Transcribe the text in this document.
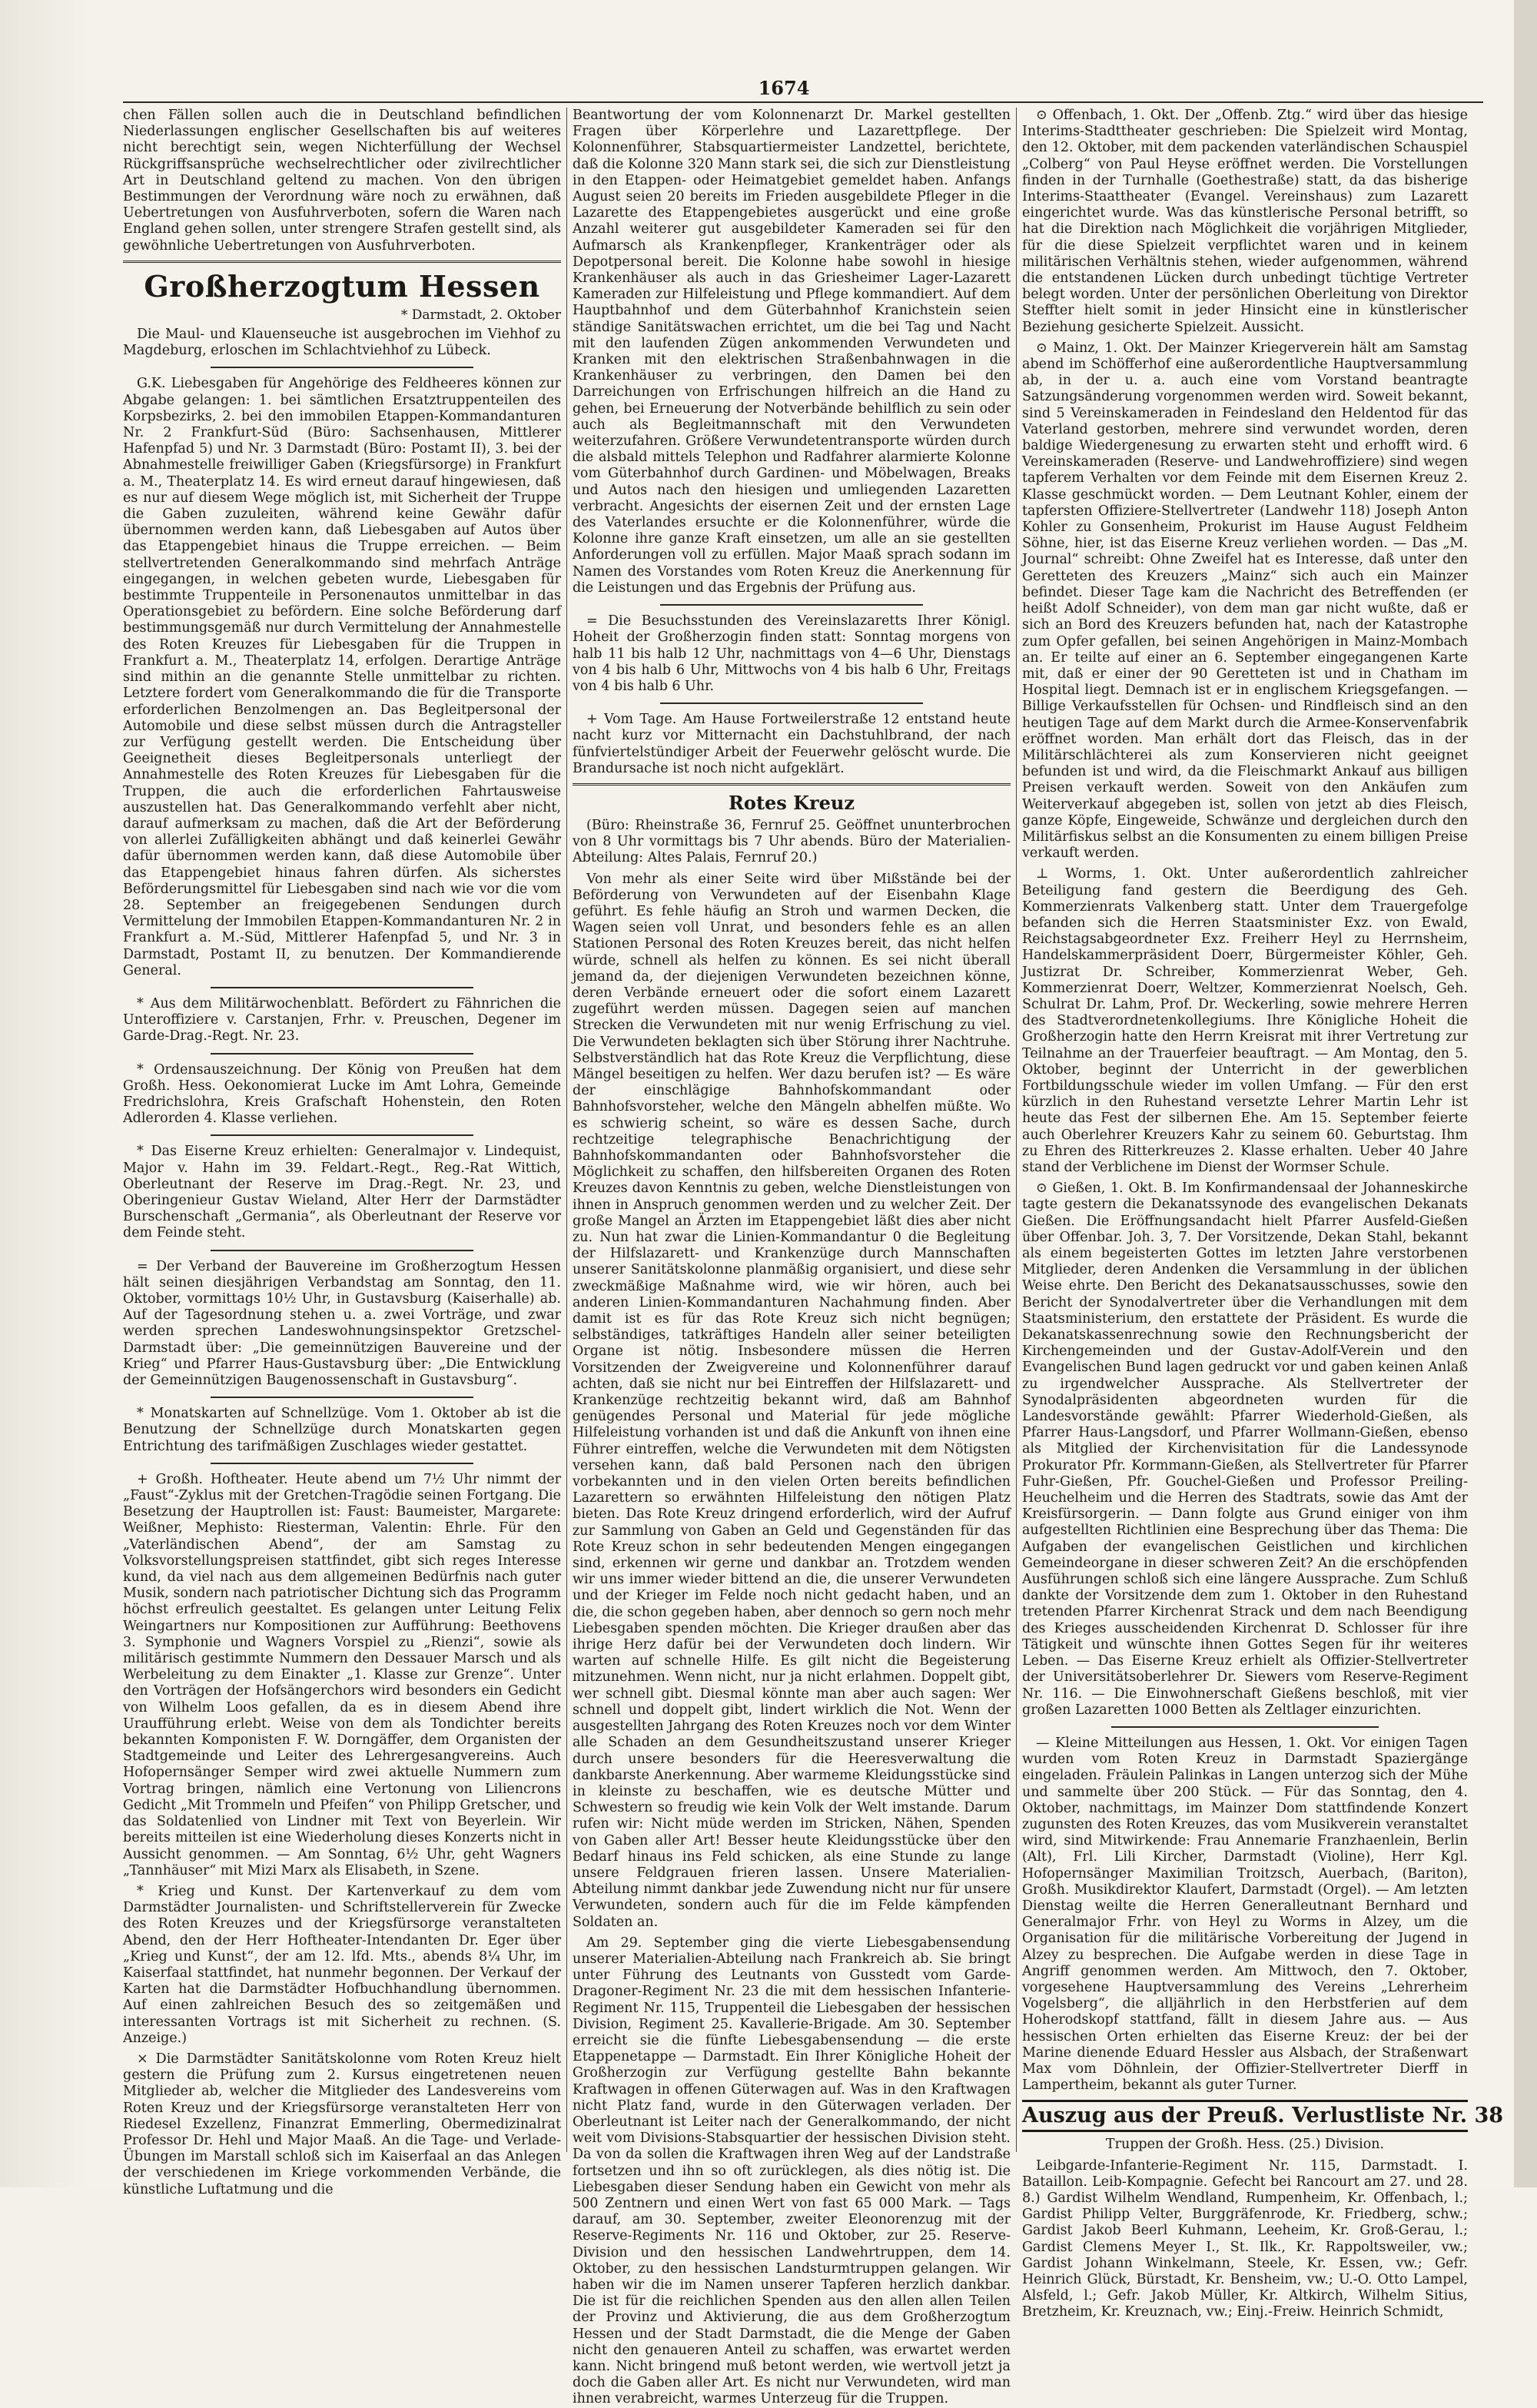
1674

chen Fällen sollen auch die in Deutschland befindlichen Niederlassungen englischer Gesellschaften bis auf weiteres nicht berechtigt sein, wegen Nichterfüllung der Wechsel Rückgriffsansprüche wechselrechtlicher oder zivilrechtlicher Art in Deutschland geltend zu machen. Von den übrigen Bestimmungen der Verordnung wäre noch zu erwähnen, daß Uebertretungen von Ausfuhrverboten, sofern die Waren nach England gehen sollen, unter strengere Strafen gestellt sind, als gewöhnliche Uebertretungen von Ausfuhrverboten.

Großherzogtum Hessen
* Darmstadt, 2. Oktober

Die Maul- und Klauenseuche ist ausgebrochen im Viehhof zu Magdeburg, erloschen im Schlachtviehhof zu Lübeck.

G.K. Liebesgaben für Angehörige des Feldheeres können zur Abgabe gelangen: 1. bei sämtlichen Ersatztruppenteilen des Korpsbezirks, 2. bei den immobilen Etappen-Kommandanturen Nr. 2 Frankfurt-Süd (Büro: Sachsenhausen, Mittlerer Hafenpfad 5) und Nr. 3 Darmstadt (Büro: Postamt II), 3. bei der Abnahmestelle freiwilliger Gaben (Kriegsfürsorge) in Frankfurt a. M., Theaterplatz 14. Es wird erneut darauf hingewiesen, daß es nur auf diesem Wege möglich ist, mit Sicherheit der Truppe die Gaben zuzuleiten, während keine Gewähr dafür übernommen werden kann, daß Liebesgaben auf Autos über das Etappengebiet hinaus die Truppe erreichen. — Beim stellvertretenden Generalkommando sind mehrfach Anträge eingegangen, in welchen gebeten wurde, Liebesgaben für bestimmte Truppenteile in Personenautos unmittelbar in das Operationsgebiet zu befördern. Eine solche Beförderung darf bestimmungsgemäß nur durch Vermittelung der Annahmestelle des Roten Kreuzes für Liebesgaben für die Truppen in Frankfurt a. M., Theaterplatz 14, erfolgen. Derartige Anträge sind mithin an die genannte Stelle unmittelbar zu richten. Letztere fordert vom Generalkommando die für die Transporte erforderlichen Benzolmengen an. Das Begleitpersonal der Automobile und diese selbst müssen durch die Antragsteller zur Verfügung gestellt werden. Die Entscheidung über Geeignetheit dieses Begleitpersonals unterliegt der Annahmestelle des Roten Kreuzes für Liebesgaben für die Truppen, die auch die erforderlichen Fahrtausweise auszustellen hat. Das Generalkommando verfehlt aber nicht, darauf aufmerksam zu machen, daß die Art der Beförderung von allerlei Zufälligkeiten abhängt und daß keinerlei Gewähr dafür übernommen werden kann, daß diese Automobile über das Etappengebiet hinaus fahren dürfen. Als sicherstes Beförderungsmittel für Liebesgaben sind nach wie vor die vom 28. September an freigegebenen Sendungen durch Vermittelung der Immobilen Etappen-Kommandanturen Nr. 2 in Frankfurt a. M.-Süd, Mittlerer Hafenpfad 5, und Nr. 3 in Darmstadt, Postamt II, zu benutzen. Der Kommandierende General.

* Aus dem Militärwochenblatt. Befördert zu Fähnrichen die Unteroffiziere v. Carstanjen, Frhr. v. Preuschen, Degener im Garde-Drag.-Regt. Nr. 23.

* Ordensauszeichnung. Der König von Preußen hat dem Großh. Hess. Oekonomierat Lucke im Amt Lohra, Gemeinde Fredrichslohra, Kreis Grafschaft Hohenstein, den Roten Adlerorden 4. Klasse verliehen.

* Das Eiserne Kreuz erhielten: Generalmajor v. Lindequist, Major v. Hahn im 39. Feldart.-Regt., Reg.-Rat Wittich, Oberleutnant der Reserve im Drag.-Regt. Nr. 23, und Oberingenieur Gustav Wieland, Alter Herr der Darmstädter Burschenschaft „Germania“, als Oberleutnant der Reserve vor dem Feinde steht.

= Der Verband der Bauvereine im Großherzogtum Hessen hält seinen diesjährigen Verbandstag am Sonntag, den 11. Oktober, vormittags 10½ Uhr, in Gustavsburg (Kaiserhalle) ab. Auf der Tagesordnung stehen u. a. zwei Vorträge, und zwar werden sprechen Landeswohnungsinspektor Gretzschel-Darmstadt über: „Die gemeinnützigen Bauvereine und der Krieg“ und Pfarrer Haus-Gustavsburg über: „Die Entwicklung der Gemeinnützigen Baugenossenschaft in Gustavsburg“.

* Monatskarten auf Schnellzüge. Vom 1. Oktober ab ist die Benutzung der Schnellzüge durch Monatskarten gegen Entrichtung des tarifmäßigen Zuschlages wieder gestattet.

+ Großh. Hoftheater. Heute abend um 7½ Uhr nimmt der „Faust“-Zyklus mit der Gretchen-Tragödie seinen Fortgang. Die Besetzung der Hauptrollen ist: Faust: Baumeister, Margarete: Weißner, Mephisto: Riesterman, Valentin: Ehrle. Für den „Vaterländischen Abend“, der am Samstag zu Volksvorstellungspreisen stattfindet, gibt sich reges Interesse kund, da viel nach aus dem allgemeinen Bedürfnis nach guter Musik, sondern nach patriotischer Dichtung sich das Programm höchst erfreulich geestaltet. Es gelangen unter Leitung Felix Weingartners nur Kompositionen zur Aufführung: Beethovens 3. Symphonie und Wagners Vorspiel zu „Rienzi“, sowie als militärisch gestimmte Nummern den Dessauer Marsch und als Werbeleitung zu dem Einakter „1. Klasse zur Grenze“. Unter den Vorträgen der Hofsängerchors wird besonders ein Gedicht von Wilhelm Loos gefallen, da es in diesem Abend ihre Uraufführung erlebt. Weise von dem als Tondichter bereits bekannten Komponisten F. W. Dorngäffer, dem Organisten der Stadtgemeinde und Leiter des Lehrergesangvereins. Auch Hofopernsänger Semper wird zwei aktuelle Nummern zum Vortrag bringen, nämlich eine Vertonung von Liliencrons Gedicht „Mit Trommeln und Pfeifen“ von Philipp Gretscher, und das Soldatenlied von Lindner mit Text von Beyerlein. Wir bereits mitteilen ist eine Wiederholung dieses Konzerts nicht in Aussicht genommen. — Am Sonntag, 6½ Uhr, geht Wagners „Tannhäuser“ mit Mizi Marx als Elisabeth, in Szene.

* Krieg und Kunst. Der Kartenverkauf zu dem vom Darmstädter Journalisten- und Schriftstellerverein für Zwecke des Roten Kreuzes und der Kriegsfürsorge veranstalteten Abend, den der Herr Hoftheater-Intendanten Dr. Eger über „Krieg und Kunst“, der am 12. lfd. Mts., abends 8¼ Uhr, im Kaiserfaal stattfindet, hat nunmehr begonnen. Der Verkauf der Karten hat die Darmstädter Hofbuchhandlung übernommen. Auf einen zahlreichen Besuch des so zeitgemäßen und interessanten Vortrags ist mit Sicherheit zu rechnen. (S. Anzeige.)

× Die Darmstädter Sanitätskolonne vom Roten Kreuz hielt gestern die Prüfung zum 2. Kursus eingetretenen neuen Mitglieder ab, welcher die Mitglieder des Landesvereins vom Roten Kreuz und der Kriegsfürsorge veranstalteten Herr von Riedesel Exzellenz, Finanzrat Emmerling, Obermedizinalrat Professor Dr. Hehl und Major Maaß. An die Tage- und Verlade-Übungen im Marstall schloß sich im Kaiserfaal an das Anlegen der verschiedenen im Kriege vorkommenden Verbände, die künstliche Luftatmung und die

Beantwortung der vom Kolonnenarzt Dr. Markel gestellten Fragen über Körperlehre und Lazarettpflege. Der Kolonnenführer, Stabsquartiermeister Landzettel, berichtete, daß die Kolonne 320 Mann stark sei, die sich zur Dienstleistung in den Etappen- oder Heimatgebiet gemeldet haben. Anfangs August seien 20 bereits im Frieden ausgebildete Pfleger in die Lazarette des Etappengebietes ausgerückt und eine große Anzahl weiterer gut ausgebildeter Kameraden sei für den Aufmarsch als Krankenpfleger, Krankenträger oder als Depotpersonal bereit. Die Kolonne habe sowohl in hiesige Krankenhäuser als auch in das Griesheimer Lager-Lazarett Kameraden zur Hilfeleistung und Pflege kommandiert. Auf dem Hauptbahnhof und dem Güterbahnhof Kranichstein seien ständige Sanitätswachen errichtet, um die bei Tag und Nacht mit den laufenden Zügen ankommenden Verwundeten und Kranken mit den elektrischen Straßenbahnwagen in die Krankenhäuser zu verbringen, den Damen bei den Darreichungen von Erfrischungen hilfreich an die Hand zu gehen, bei Erneuerung der Notverbände behilflich zu sein oder auch als Begleitmannschaft mit den Verwundeten weiterzufahren. Größere Verwundetentransporte würden durch die alsbald mittels Telephon und Radfahrer alarmierte Kolonne vom Güterbahnhof durch Gardinen- und Möbelwagen, Breaks und Autos nach den hiesigen und umliegenden Lazaretten verbracht. Angesichts der eisernen Zeit und der ernsten Lage des Vaterlandes ersuchte er die Kolonnenführer, würde die Kolonne ihre ganze Kraft einsetzen, um alle an sie gestellten Anforderungen voll zu erfüllen. Major Maaß sprach sodann im Namen des Vorstandes vom Roten Kreuz die Anerkennung für die Leistungen und das Ergebnis der Prüfung aus.

= Die Besuchsstunden des Vereinslazaretts Ihrer Königl. Hoheit der Großherzogin finden statt: Sonntag morgens von halb 11 bis halb 12 Uhr, nachmittags von 4—6 Uhr, Dienstags von 4 bis halb 6 Uhr, Mittwochs von 4 bis halb 6 Uhr, Freitags von 4 bis halb 6 Uhr.

+ Vom Tage. Am Hause Fortweilerstraße 12 entstand heute nacht kurz vor Mitternacht ein Dachstuhlbrand, der nach fünfviertelstündiger Arbeit der Feuerwehr gelöscht wurde. Die Brandursache ist noch nicht aufgeklärt.

Rotes Kreuz

(Büro: Rheinstraße 36, Fernruf 25. Geöffnet ununterbrochen von 8 Uhr vormittags bis 7 Uhr abends. Büro der Materialien-Abteilung: Altes Palais, Fernruf 20.)

Von mehr als einer Seite wird über Mißstände bei der Beförderung von Verwundeten auf der Eisenbahn Klage geführt. Es fehle häufig an Stroh und warmen Decken, die Wagen seien voll Unrat, und besonders fehle es an allen Stationen Personal des Roten Kreuzes bereit, das nicht helfen würde, schnell als helfen zu können. Es sei nicht überall jemand da, der diejenigen Verwundeten bezeichnen könne, deren Verbände erneuert oder die sofort einem Lazarett zugeführt werden müssen. Dagegen seien auf manchen Strecken die Verwundeten mit nur wenig Erfrischung zu viel. Die Verwundeten beklagten sich über Störung ihrer Nachtruhe. Selbstverständlich hat das Rote Kreuz die Verpflichtung, diese Mängel beseitigen zu helfen. Wer dazu berufen ist? — Es wäre der einschlägige Bahnhofskommandant oder Bahnhofsvorsteher, welche den Mängeln abhelfen müßte. Wo es schwierig scheint, so wäre es dessen Sache, durch rechtzeitige telegraphische Benachrichtigung der Bahnhofskommandanten oder Bahnhofsvorsteher die Möglichkeit zu schaffen, den hilfsbereiten Organen des Roten Kreuzes davon Kenntnis zu geben, welche Dienstleistungen von ihnen in Anspruch genommen werden und zu welcher Zeit. Der große Mangel an Ärzten im Etappengebiet läßt dies aber nicht zu. Nun hat zwar die Linien-Kommandantur 0 die Begleitung der Hilfslazarett- und Krankenzüge durch Mannschaften unserer Sanitätskolonne planmäßig organisiert, und diese sehr zweckmäßige Maßnahme wird, wie wir hören, auch bei anderen Linien-Kommandanturen Nachahmung finden. Aber damit ist es für das Rote Kreuz sich nicht begnügen; selbständiges, tatkräftiges Handeln aller seiner beteiligten Organe ist nötig. Insbesondere müssen die Herren Vorsitzenden der Zweigvereine und Kolonnenführer darauf achten, daß sie nicht nur bei Eintreffen der Hilfslazarett- und Krankenzüge rechtzeitig bekannt wird, daß am Bahnhof genügendes Personal und Material für jede mögliche Hilfeleistung vorhanden ist und daß die Ankunft von ihnen eine Führer eintreffen, welche die Verwundeten mit dem Nötigsten versehen kann, daß bald Personen nach den übrigen vorbekannten und in den vielen Orten bereits befindlichen Lazarettern so erwähnten Hilfeleistung den nötigen Platz bieten. Das Rote Kreuz dringend erforderlich, wird der Aufruf zur Sammlung von Gaben an Geld und Gegenständen für das Rote Kreuz schon in sehr bedeutenden Mengen eingegangen sind, erkennen wir gerne und dankbar an. Trotzdem wenden wir uns immer wieder bittend an die, die unserer Verwundeten und der Krieger im Felde noch nicht gedacht haben, und an die, die schon gegeben haben, aber dennoch so gern noch mehr Liebesgaben spenden möchten. Die Krieger draußen aber das ihrige Herz dafür bei der Verwundeten doch lindern. Wir warten auf schnelle Hilfe. Es gilt nicht die Begeisterung mitzunehmen. Wenn nicht, nur ja nicht erlahmen. Doppelt gibt, wer schnell gibt. Diesmal könnte man aber auch sagen: Wer schnell und doppelt gibt, lindert wirklich die Not. Wenn der ausgestellten Jahrgang des Roten Kreuzes noch vor dem Winter alle Schaden an dem Gesundheitszustand unserer Krieger durch unsere besonders für die Heeresverwaltung die dankbarste Anerkennung. Aber warmeme Kleidungsstücke sind in kleinste zu beschaffen, wie es deutsche Mütter und Schwestern so freudig wie kein Volk der Welt imstande. Darum rufen wir: Nicht müde werden im Stricken, Nähen, Spenden von Gaben aller Art! Besser heute Kleidungsstücke über den Bedarf hinaus ins Feld schicken, als eine Stunde zu lange unsere Feldgrauen frieren lassen. Unsere Materialien-Abteilung nimmt dankbar jede Zuwendung nicht nur für unsere Verwundeten, sondern auch für die im Felde kämpfenden Soldaten an.

Am 29. September ging die vierte Liebesgabensendung unserer Materialien-Abteilung nach Frankreich ab. Sie bringt unter Führung des Leutnants von Gusstedt vom Garde-Dragoner-Regiment Nr. 23 die mit dem hessischen Infanterie-Regiment Nr. 115, Truppenteil die Liebesgaben der hessischen Division, Regiment 25. Kavallerie-Brigade. Am 30. September erreicht sie die fünfte Liebesgabensendung — die erste Etappenetappe — Darmstadt. Ein Ihrer Königliche Hoheit der Großherzogin zur Verfügung gestellte Bahn bekannte Kraftwagen in offenen Güterwagen auf. Was in den Kraftwagen nicht Platz fand, wurde in den Güterwagen verladen. Der Oberleutnant ist Leiter nach der Generalkommando, der nicht weit vom Divisions-Stabsquartier der hessischen Division steht. Da von da sollen die Kraftwagen ihren Weg auf der Landstraße fortsetzen und ihn so oft zurücklegen, als dies nötig ist. Die Liebesgaben dieser Sendung haben ein Gewicht von mehr als 500 Zentnern und einen Wert von fast 65 000 Mark. — Tags darauf, am 30. September, zweiter Eleonorenzug mit der Reserve-Regiments Nr. 116 und Oktober, zur 25. Reserve-Division und den hessischen Landwehrtruppen, dem 14. Oktober, zu den hessischen Landsturmtruppen gelangen. Wir haben wir die im Namen unserer Tapferen herzlich dankbar. Die ist für die reichlichen Spenden aus den allen allen Teilen der Provinz und Aktivierung, die aus dem Großherzogtum Hessen und der Stadt Darmstadt, die die Menge der Gaben nicht den genaueren Anteil zu schaffen, was erwartet werden kann. Nicht bringend muß betont werden, wie wertvoll jetzt ja doch die Gaben aller Art. Es nicht nur Verwundeten, wird man ihnen verabreicht, warmes Unterzeug für die Truppen.

⊙ Offenbach, 1. Okt. Der „Offenb. Ztg.“ wird über das hiesige Interims-Stadttheater geschrieben: Die Spielzeit wird Montag, den 12. Oktober, mit dem packenden vaterländischen Schauspiel „Colberg“ von Paul Heyse eröffnet werden. Die Vorstellungen finden in der Turnhalle (Goethestraße) statt, da das bisherige Interims-Staattheater (Evangel. Vereinshaus) zum Lazarett eingerichtet wurde. Was das künstlerische Personal betrifft, so hat die Direktion nach Möglichkeit die vorjährigen Mitglieder, für die diese Spielzeit verpflichtet waren und in keinem militärischen Verhältnis stehen, wieder aufgenommen, während die entstandenen Lücken durch unbedingt tüchtige Vertreter belegt worden. Unter der persönlichen Oberleitung von Direktor Steffter hielt somit in jeder Hinsicht eine in künstlerischer Beziehung gesicherte Spielzeit. Aussicht.

⊙ Mainz, 1. Okt. Der Mainzer Kriegerverein hält am Samstag abend im Schöfferhof eine außerordentliche Hauptversammlung ab, in der u. a. auch eine vom Vorstand beantragte Satzungsänderung vorgenommen werden wird. Soweit bekannt, sind 5 Vereinskameraden in Feindesland den Heldentod für das Vaterland gestorben, mehrere sind verwundet worden, deren baldige Wiedergenesung zu erwarten steht und erhofft wird. 6 Vereinskameraden (Reserve- und Landwehroffiziere) sind wegen tapferem Verhalten vor dem Feinde mit dem Eisernen Kreuz 2. Klasse geschmückt worden. — Dem Leutnant Kohler, einem der tapfersten Offiziere-Stellvertreter (Landwehr 118) Joseph Anton Kohler zu Gonsenheim, Prokurist im Hause August Feldheim Söhne, hier, ist das Eiserne Kreuz verliehen worden. — Das „M. Journal“ schreibt: Ohne Zweifel hat es Interesse, daß unter den Geretteten des Kreuzers „Mainz“ sich auch ein Mainzer befindet. Dieser Tage kam die Nachricht des Betreffenden (er heißt Adolf Schneider), von dem man gar nicht wußte, daß er sich an Bord des Kreuzers befunden hat, nach der Katastrophe zum Opfer gefallen, bei seinen Angehörigen in Mainz-Mombach an. Er teilte auf einer an 6. September eingegangenen Karte mit, daß er einer der 90 Geretteten ist und in Chatham im Hospital liegt. Demnach ist er in englischem Kriegsgefangen. — Billige Verkaufsstellen für Ochsen- und Rindfleisch sind an den heutigen Tage auf dem Markt durch die Armee-Konservenfabrik eröffnet worden. Man erhält dort das Fleisch, das in der Militärschlächterei als zum Konservieren nicht geeignet befunden ist und wird, da die Fleischmarkt Ankauf aus billigen Preisen verkauft werden. Soweit von den Ankäufen zum Weiterverkauf abgegeben ist, sollen von jetzt ab dies Fleisch, ganze Köpfe, Eingeweide, Schwänze und dergleichen durch den Militärfiskus selbst an die Konsumenten zu einem billigen Preise verkauft werden.

⊥ Worms, 1. Okt. Unter außerordentlich zahlreicher Beteiligung fand gestern die Beerdigung des Geh. Kommerzienrats Valkenberg statt. Unter dem Trauergefolge befanden sich die Herren Staatsminister Exz. von Ewald, Reichstagsabgeordneter Exz. Freiherr Heyl zu Herrnsheim, Handelskammerpräsident Doerr, Bürgermeister Köhler, Geh. Justizrat Dr. Schreiber, Kommerzienrat Weber, Geh. Kommerzienrat Doerr, Weltzer, Kommerzienrat Noelsch, Geh. Schulrat Dr. Lahm, Prof. Dr. Weckerling, sowie mehrere Herren des Stadtverordnetenkollegiums. Ihre Königliche Hoheit die Großherzogin hatte den Herrn Kreisrat mit ihrer Vertretung zur Teilnahme an der Trauerfeier beauftragt. — Am Montag, den 5. Oktober, beginnt der Unterricht in der gewerblichen Fortbildungsschule wieder im vollen Umfang. — Für den erst kürzlich in den Ruhestand versetzte Lehrer Martin Lehr ist heute das Fest der silbernen Ehe. Am 15. September feierte auch Oberlehrer Kreuzers Kahr zu seinem 60. Geburtstag. Ihm zu Ehren des Ritterkreuzes 2. Klasse erhalten. Ueber 40 Jahre stand der Verblichene im Dienst der Wormser Schule.

⊙ Gießen, 1. Okt. B. Im Konfirmandensaal der Johanneskirche tagte gestern die Dekanatssynode des evangelischen Dekanats Gießen. Die Eröffnungsandacht hielt Pfarrer Ausfeld-Gießen über Offenbar. Joh. 3, 7. Der Vorsitzende, Dekan Stahl, bekannt als einem begeisterten Gottes im letzten Jahre verstorbenen Mitglieder, deren Andenken die Versammlung in der üblichen Weise ehrte. Den Bericht des Dekanatsausschusses, sowie den Bericht der Synodalvertreter über die Verhandlungen mit dem Staatsministerium, den erstattete der Präsident. Es wurde die Dekanatskassenrechnung sowie den Rechnungsbericht der Kirchengemeinden und der Gustav-Adolf-Verein und den Evangelischen Bund lagen gedruckt vor und gaben keinen Anlaß zu irgendwelcher Aussprache. Als Stellvertreter der Synodalpräsidenten abgeordneten wurden für die Landesvorstände gewählt: Pfarrer Wiederhold-Gießen, als Pfarrer Haus-Langsdorf, und Pfarrer Wollmann-Gießen, ebenso als Mitglied der Kirchenvisitation für die Landessynode Prokurator Pfr. Kormmann-Gießen, als Stellvertreter für Pfarrer Fuhr-Gießen, Pfr. Gouchel-Gießen und Professor Preiling-Heuchelheim und die Herren des Stadtrats, sowie das Amt der Kreisfürsorgerin. — Dann folgte aus Grund einiger von ihm aufgestellten Richtlinien eine Besprechung über das Thema: Die Aufgaben der evangelischen Geistlichen und kirchlichen Gemeindeorgane in dieser schweren Zeit? An die erschöpfenden Ausführungen schloß sich eine längere Aussprache. Zum Schluß dankte der Vorsitzende dem zum 1. Oktober in den Ruhestand tretenden Pfarrer Kirchenrat Strack und dem nach Beendigung des Krieges ausscheidenden Kirchenrat D. Schlosser für ihre Tätigkeit und wünschte ihnen Gottes Segen für ihr weiteres Leben. — Das Eiserne Kreuz erhielt als Offizier-Stellvertreter der Universitätsoberlehrer Dr. Siewers vom Reserve-Regiment Nr. 116. — Die Einwohnerschaft Gießens beschloß, mit vier großen Lazaretten 1000 Betten als Zeltlager einzurichten.

— Kleine Mitteilungen aus Hessen, 1. Okt. Vor einigen Tagen wurden vom Roten Kreuz in Darmstadt Spaziergänge eingeladen. Fräulein Palinkas in Langen unterzog sich der Mühe und sammelte über 200 Stück. — Für das Sonntag, den 4. Oktober, nachmittags, im Mainzer Dom stattfindende Konzert zugunsten des Roten Kreuzes, das vom Musikverein veranstaltet wird, sind Mitwirkende: Frau Annemarie Franzhaenlein, Berlin (Alt), Frl. Lili Kircher, Darmstadt (Violine), Herr Kgl. Hofopernsänger Maximilian Troitzsch, Auerbach, (Bariton), Großh. Musikdirektor Klaufert, Darmstadt (Orgel). — Am letzten Dienstag weilte die Herren Generalleutnant Bernhard und Generalmajor Frhr. von Heyl zu Worms in Alzey, um die Organisation für die militärische Vorbereitung der Jugend in Alzey zu besprechen. Die Aufgabe werden in diese Tage in Angriff genommen werden. Am Mittwoch, den 7. Oktober, vorgesehene Hauptversammlung des Vereins „Lehrerheim Vogelsberg“, die alljährlich in den Herbstferien auf dem Hoherodskopf stattfand, fällt in diesem Jahre aus. — Aus hessischen Orten erhielten das Eiserne Kreuz: der bei der Marine dienende Eduard Hessler aus Alsbach, der Straßenwart Max vom Döhnlein, der Offizier-Stellvertreter Dierff in Lampertheim, bekannt als guter Turner.

Auszug aus der Preuß. Verlustliste Nr. 38
Truppen der Großh. Hess. (25.) Division.

Leibgarde-Infanterie-Regiment Nr. 115, Darmstadt. I. Bataillon. Leib-Kompagnie. Gefecht bei Rancourt am 27. und 28. 8.) Gardist Wilhelm Wendland, Rumpenheim, Kr. Offenbach, l.; Gardist Philipp Velter, Burggräfenrode, Kr. Friedberg, schw.; Gardist Jakob Beerl Kuhmann, Leeheim, Kr. Groß-Gerau, l.; Gardist Clemens Meyer I., St. Ilk., Kr. Rappoltsweiler, vw.; Gardist Johann Winkelmann, Steele, Kr. Essen, vw.; Gefr. Heinrich Glück, Bürstadt, Kr. Bensheim, vw.; U.-O. Otto Lampel, Alsfeld, l.; Gefr. Jakob Müller, Kr. Altkirch, Wilhelm Sitius, Bretzheim, Kr. Kreuznach, vw.; Einj.-Freiw. Heinrich Schmidt,
